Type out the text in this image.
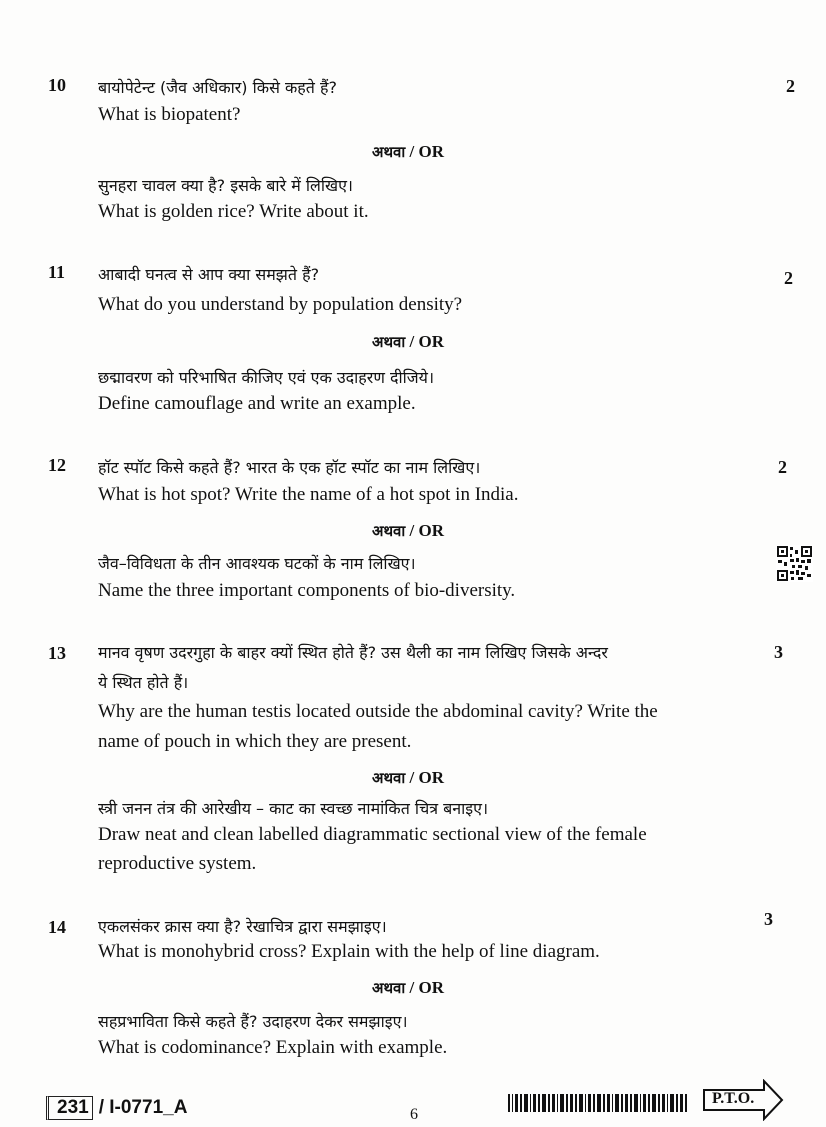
10 बायोपेटेन्ट (जैव अधिकार) किसे कहते हैं?	2
What is biopatent?
अथवा / OR
सुनहरा चावल क्या है? इसके बारे में लिखिए।
What is golden rice? Write about it.
11 आबादी घनत्व से आप क्या समझते हैं?	2
What do you understand by population density?
अथवा / OR
छद्मावरण को परिभाषित कीजिए एवं एक उदाहरण दीजिये।
Define camouflage and write an example.
12 हॉट स्पॉट किसे कहते हैं? भारत के एक हॉट स्पॉट का नाम लिखिए।	2
What is hot spot? Write the name of a hot spot in India.
अथवा / OR
जैव–विविधता के तीन आवश्यक घटकों के नाम लिखिए।
Name the three important components of bio-diversity.
13 मानव वृषण उदरगुहा के बाहर क्यों स्थित होते हैं? उस थैली का नाम लिखिए जिसके अन्दर	3
ये स्थित होते हैं।
Why are the human testis located outside the abdominal cavity? Write the
name of pouch in which they are present.
अथवा / OR
स्त्री जनन तंत्र की आरेखीय – काट का स्वच्छ नामांकित चित्र बनाइए।
Draw neat and clean labelled diagrammatic sectional view of the female
reproductive system.
14 एकलसंकर क्रास क्या है? रेखाचित्र द्वारा समझाइए।	3
What is monohybrid cross? Explain with the help of line diagram.
अथवा / OR
सहप्रभाविता किसे कहते हैं? उदाहरण देकर समझाइए।
What is codominance? Explain with example.
231 / I-0771_A	6
P.T.O.
